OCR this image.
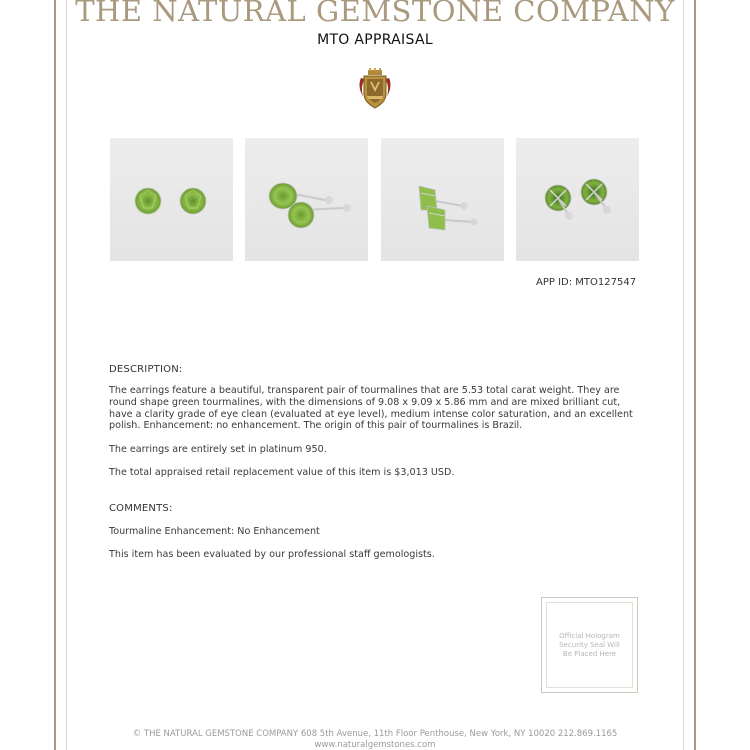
THE NATURAL GEMSTONE COMPANY
MTO APPRAISAL
APP ID: MTO127547
DESCRIPTION:
The earrings feature a beautiful, transparent pair of tourmalines that are 5.53 total carat weight. They are round shape green tourmalines, with the dimensions of 9.08 x 9.09 x 5.86 mm and are mixed brilliant cut, have a clarity grade of eye clean (evaluated at eye level), medium intense color saturation, and an excellent polish. Enhancement: no enhancement. The origin of this pair of tourmalines is Brazil.
The earrings are entirely set in platinum 950.
The total appraised retail replacement value of this item is $3,013 USD.
COMMENTS:
Tourmaline Enhancement: No Enhancement
This item has been evaluated by our professional staff gemologists.
Official Hologram Security Seal Will Be Placed Here
© THE NATURAL GEMSTONE COMPANY 608 5th Avenue, 11th Floor Penthouse, New York, NY 10020 212.869.1165
www.naturalgemstones.com
